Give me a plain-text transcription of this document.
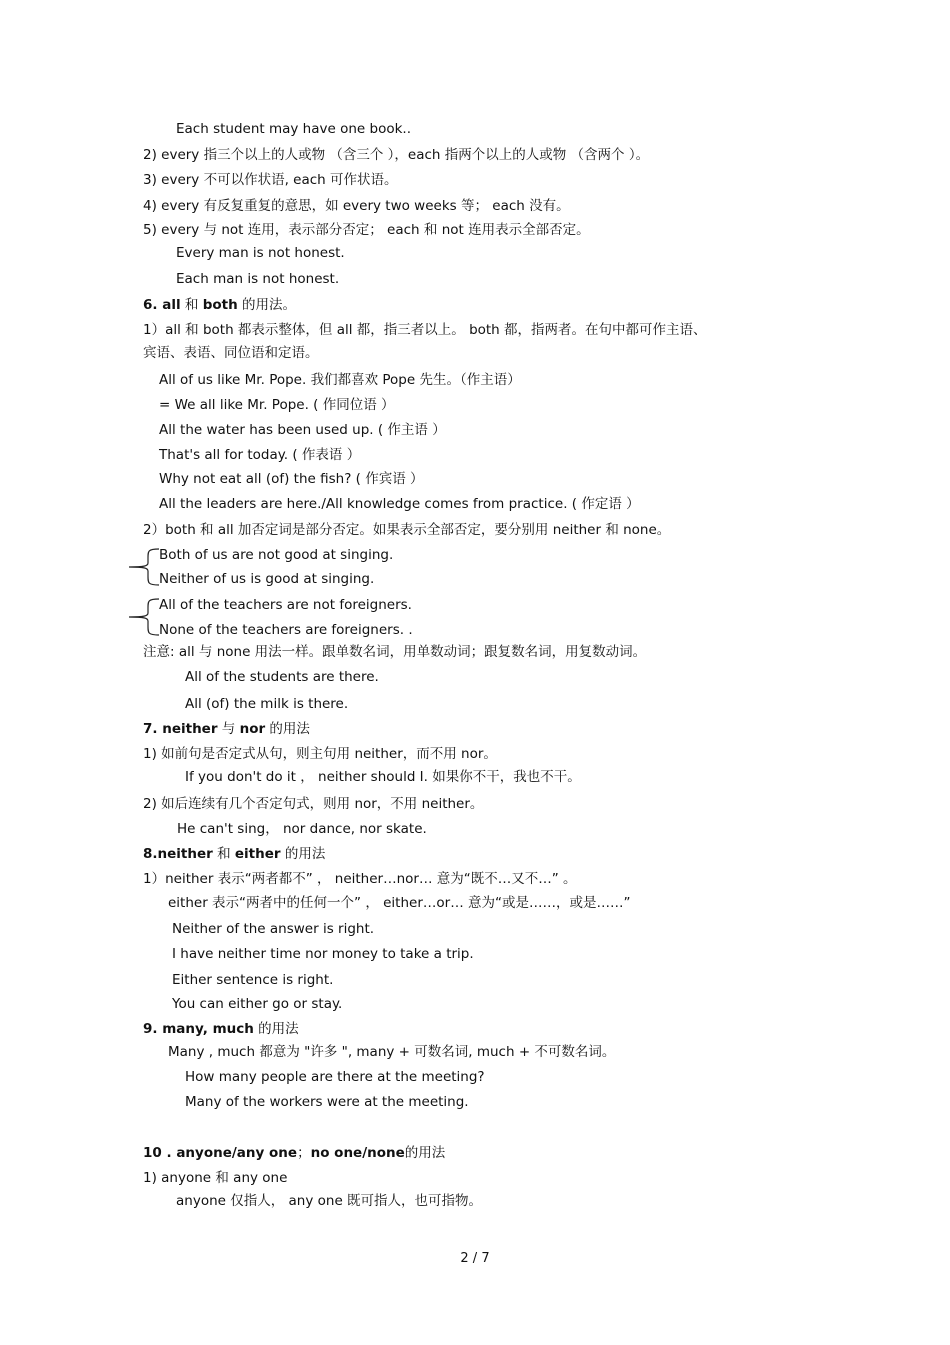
Each student may have one book..
2) every 指三个以上的人或物 （含三个 ），each 指两个以上的人或物 （含两个 ）。
3) every 不可以作状语, each 可作状语。
4) every 有反复重复的意思，如 every two weeks 等； each 没有。
5) every 与 not 连用，表示部分否定； each 和 not 连用表示全部否定。
Every man is not honest.
Each man is not honest.
6. all 和 both 的用法。
1）all 和 both 都表示整体，但 all 都，指三者以上。 both 都，指两者。在句中都可作主语、
宾语、表语、同位语和定语。
All of us like Mr. Pope. 我们都喜欢 Pope 先生。（作主语）
= We all like Mr. Pope. ( 作同位语 ）
All the water has been used up. ( 作主语 ）
That's all for today. ( 作表语 ）
Why not eat all (of) the fish? ( 作宾语 ）
All the leaders are here./All knowledge comes from practice. ( 作定语 ）
2）both 和 all 加否定词是部分否定。如果表示全部否定，要分别用 neither 和 none。
Both of us are not good at singing.
Neither of us is good at singing.
All of the teachers are not foreigners.
None of the teachers are foreigners. .
注意: all 与 none 用法一样。跟单数名词，用单数动词；跟复数名词，用复数动词。
All of the students are there.
All (of) the milk is there.
7. neither 与 nor 的用法
1) 如前句是否定式从句，则主句用 neither，而不用 nor。
If you don't do it ， neither should I. 如果你不干，我也不干。
2) 如后连续有几个否定句式，则用 nor，不用 neither。
He can't sing， nor dance, nor skate.
8.neither 和 either 的用法
1）neither 表示“两者都不” ， neither…nor… 意为“既不…又不…” 。
either 表示“两者中的任何一个” ， either…or… 意为“或是……，或是……”
Neither of the answer is right.
I have neither time nor money to take a trip.
Either sentence is right.
You can either go or stay.
9. many, much 的用法
Many , much 都意为 "许多 ", many + 可数名词, much + 不可数名词。
How many people are there at the meeting?
Many of the workers were at the meeting.
10 . anyone/any one；no one/none的用法
1) anyone 和 any one
anyone 仅指人， any one 既可指人，也可指物。
2 / 7
